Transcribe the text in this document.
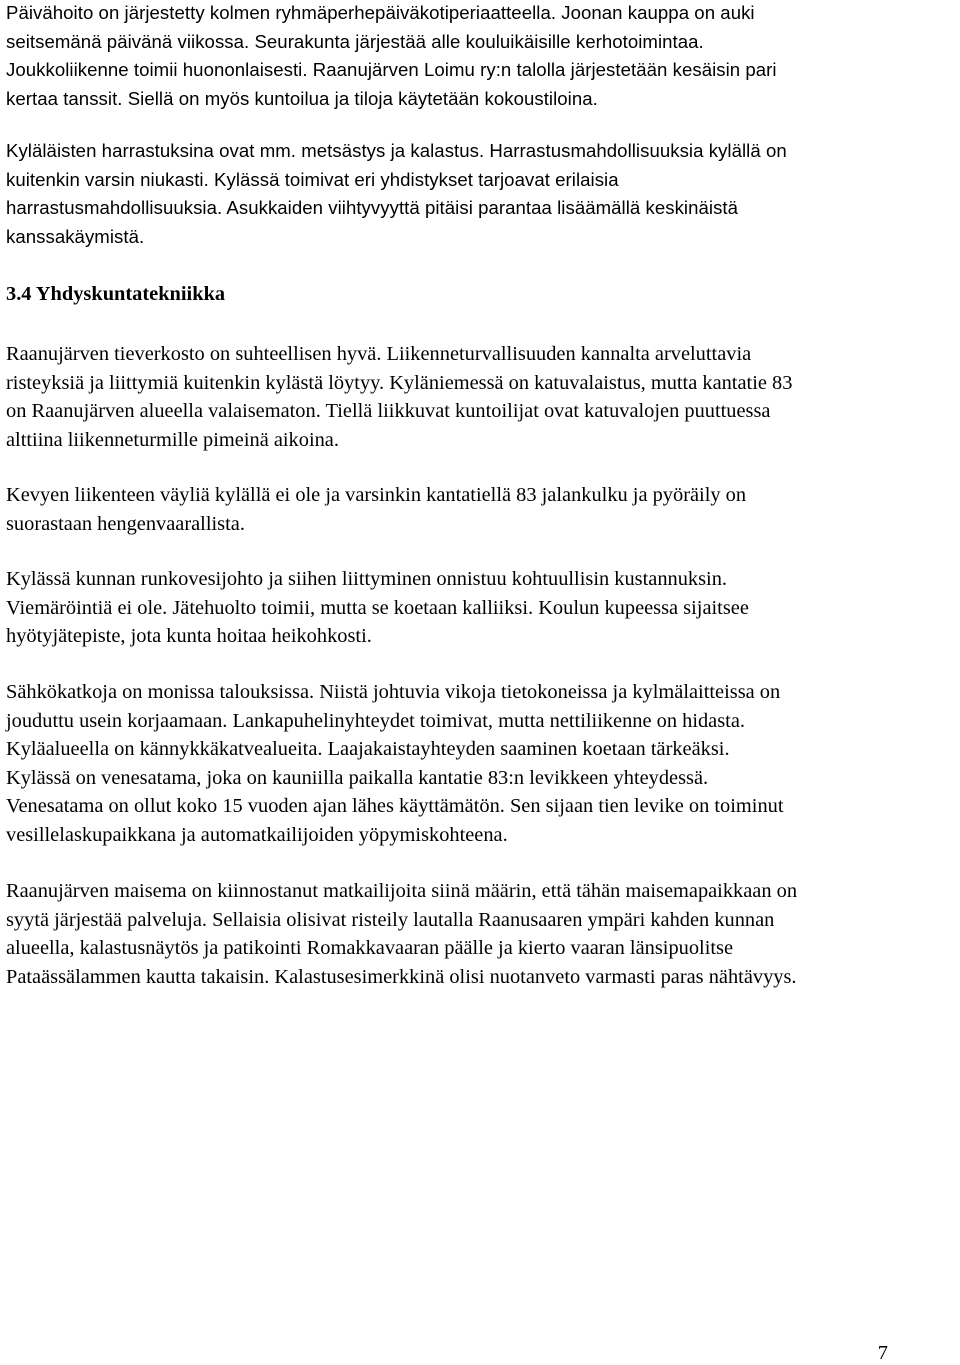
Päivähoito on järjestetty kolmen ryhmäperhepäiväkotiperiaatteella. Joonan kauppa on auki
seitsemänä päivänä viikossa. Seurakunta järjestää alle kouluikäisille kerhotoimintaa.
Joukkoliikenne toimii huononlaisesti. Raanujärven Loimu ry:n talolla järjestetään kesäisin pari
kertaa tanssit. Siellä on myös kuntoilua ja tiloja käytetään kokoustiloina.

Kyläläisten harrastuksina ovat mm. metsästys ja kalastus. Harrastusmahdollisuuksia kylällä on
kuitenkin varsin niukasti. Kylässä toimivat eri yhdistykset tarjoavat erilaisia
harrastusmahdollisuuksia. Asukkaiden viihtyvyyttä pitäisi parantaa lisäämällä keskinäistä
kanssakäymistä.

3.4 Yhdyskuntatekniikka

Raanujärven tieverkosto on suhteellisen hyvä. Liikenneturvallisuuden kannalta arveluttavia
risteyksiä ja liittymiä kuitenkin kylästä löytyy. Kyläniemessä on katuvalaistus, mutta kantatie 83
on Raanujärven alueella valaisematon. Tiellä liikkuvat kuntoilijat ovat katuvalojen puuttuessa
alttiina liikenneturmille pimeinä aikoina.

Kevyen liikenteen väyliä kylällä ei ole ja varsinkin kantatiellä 83 jalankulku ja pyöräily on
suorastaan hengenvaarallista.

Kylässä kunnan runkovesijohto ja siihen liittyminen onnistuu kohtuullisin kustannuksin.
Viemäröintiä ei ole. Jätehuolto toimii, mutta se koetaan kalliiksi. Koulun kupeessa sijaitsee
hyötyjätepiste, jota kunta hoitaa heikohkosti.

Sähkökatkoja on monissa talouksissa. Niistä johtuvia vikoja tietokoneissa ja kylmälaitteissa on
jouduttu usein korjaamaan. Lankapuhelinyhteydet toimivat, mutta nettiliikenne on hidasta.
Kyläalueella on kännykkäkatvealueita. Laajakaistayhteyden saaminen koetaan tärkeäksi.
Kylässä on venesatama, joka on kauniilla paikalla kantatie 83:n levikkeen yhteydessä.
Venesatama on ollut koko 15 vuoden ajan lähes käyttämätön. Sen sijaan tien levike on toiminut
vesillelaskupaikkana ja automatkailijoiden yöpymiskohteena.

Raanujärven maisema on kiinnostanut matkailijoita siinä määrin, että tähän maisemapaikkaan on
syytä järjestää palveluja. Sellaisia olisivat risteily lautalla Raanusaaren ympäri kahden kunnan
alueella, kalastusnäytös ja patikointi Romakkavaaran päälle ja kierto vaaran länsipuolitse
Pataässälammen kautta takaisin. Kalastusesimerkkinä olisi nuotanveto varmasti paras nähtävyys.

7
